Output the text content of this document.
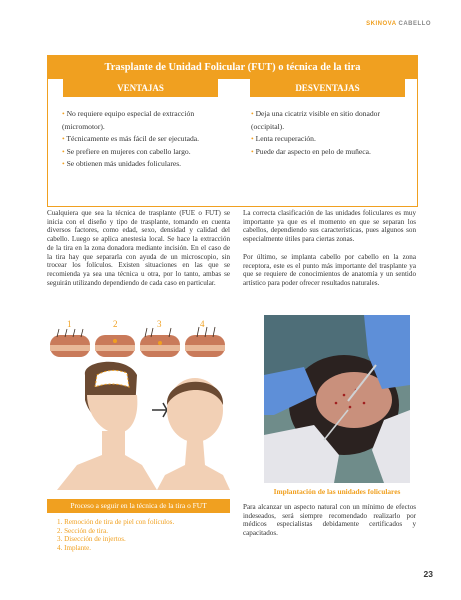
SKINOVA CABELLO
Trasplante de Unidad Folicular (FUT) o técnica de la tira
VENTAJAS	DESVENTAJAS

• No requiere equipo especial de extracción (micromotor).

• Técnicamente es más fácil de ser ejecutada.

• Se prefiere en mujeres con cabello largo.

• Se obtienen más unidades foliculares.

• Deja una cicatriz visible en sitio donador (occipital).

• Lenta recuperación.

• Puede dar aspecto en pelo de muñeca.

Cualquiera que sea la técnica de trasplante (FUE o FUT) se inicia con el diseño y tipo de trasplante, tomando en cuenta diversos factores, como edad, sexo, densidad y calidad del cabello. Luego se aplica anestesia local. Se hace la extracción de la tira en la zona donadora mediante incisión. En el caso de la tira hay que separarla con ayuda de un microscopio, sin trocear los folículos. Existen situaciones en las que se recomienda ya sea una técnica u otra, por lo tanto, ambas se seguirán utilizando dependiendo de cada caso en particular.
La correcta clasificación de las unidades foliculares es muy importante ya que es el momento en que se separan los cabellos, dependiendo sus características, pues algunos son especialmente útiles para ciertas zonas.
Por último, se implanta cabello por cabello en la zona receptora, este es el punto más importante del trasplante ya que se requiere de conocimientos de anatomía y un sentido artístico para poder ofrecer resultados naturales.
1	2	3	4
Implantación de las unidades foliculares
Proceso a seguir en la técnica de la tira o FUT
1. Remoción de tira de piel con folículos.
2. Sección de tira.
3. Disección de injertos.
4. Implante.
Para alcanzar un aspecto natural con un mínimo de efectos indeseados, será siempre recomendado realizarlo por médicos especialistas debidamente certificados y capacitados.
23
